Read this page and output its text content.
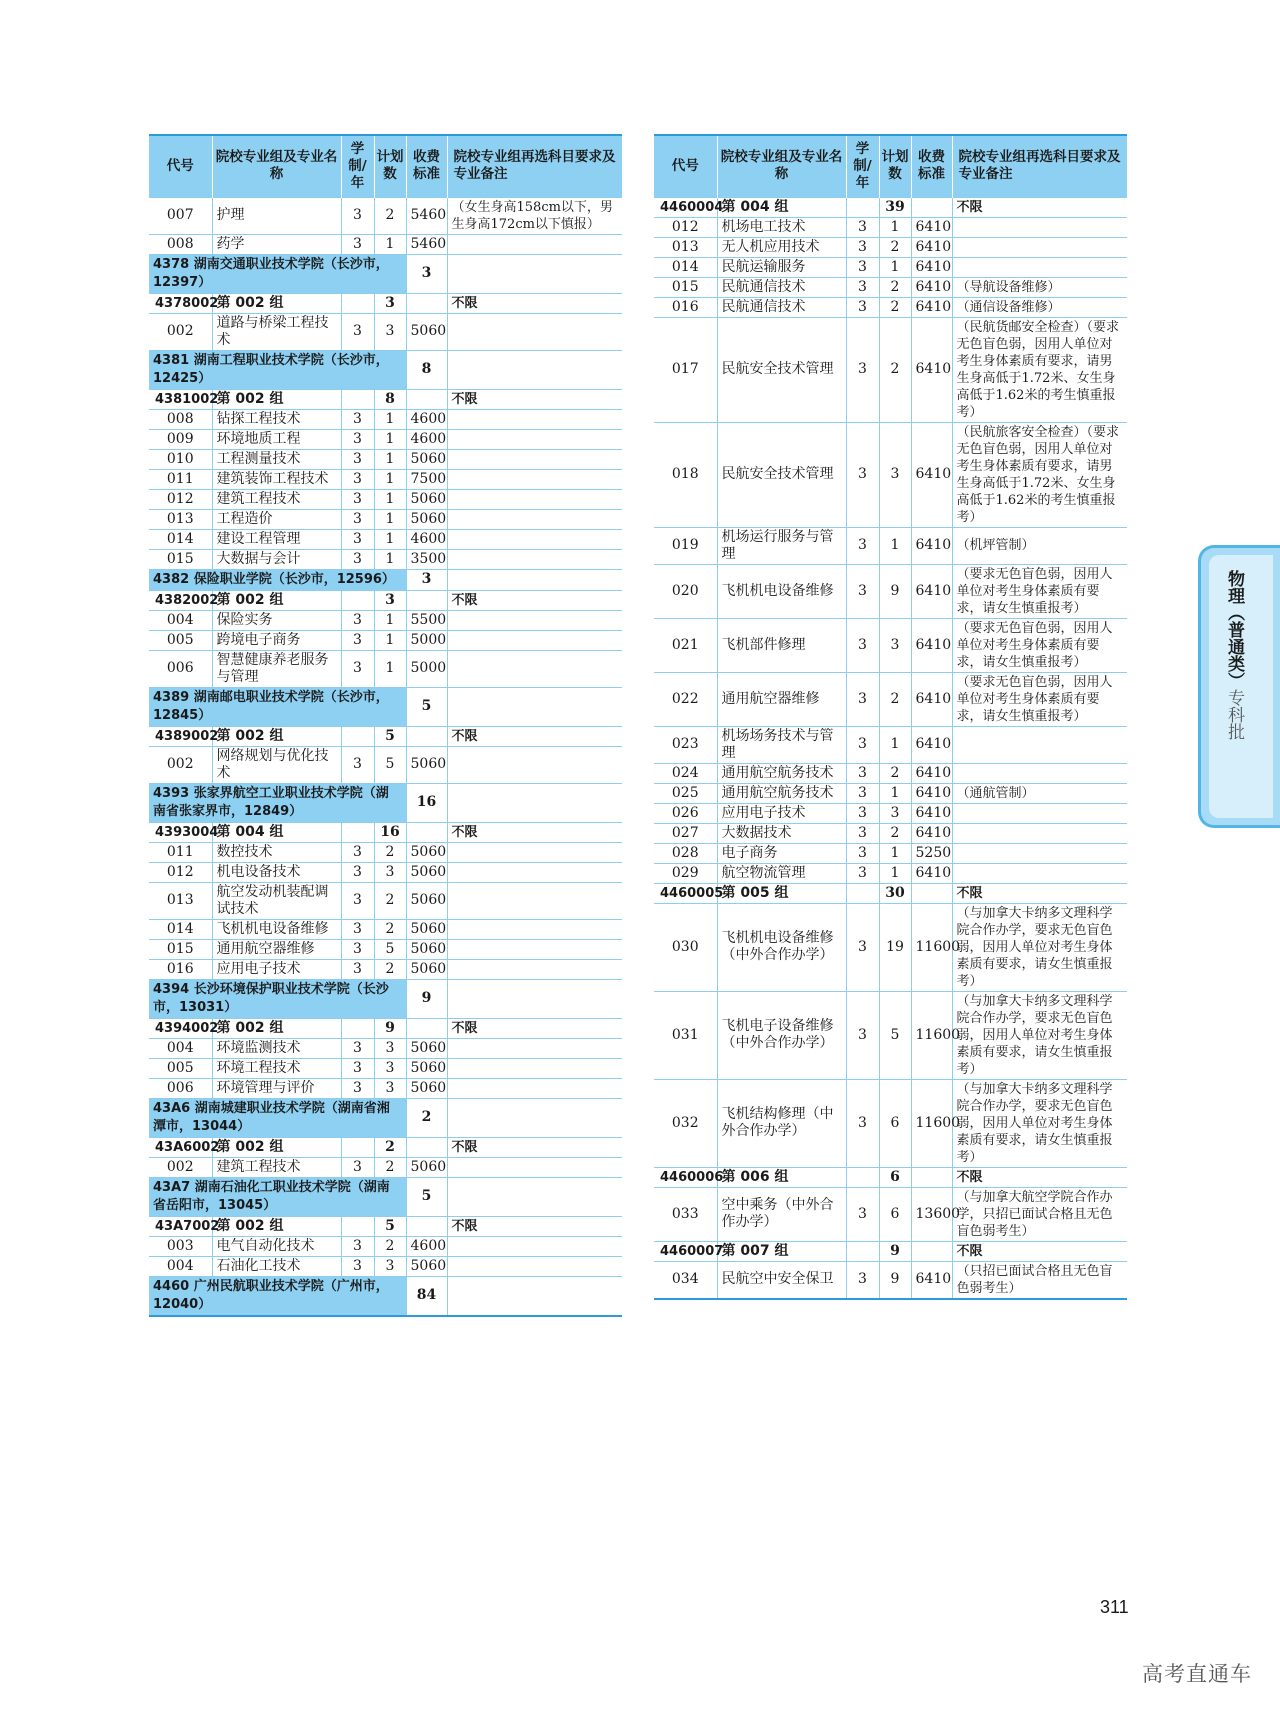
代号	院校专业组及专业名称	学制/年	计划数	收费标准	院校专业组再选科目要求及专业备注
007	护理	3	2	5460	（女生身高158cm以下，男生身高172cm以下慎报）
008	药学	3	1	5460	
4378 湖南交通职业技术学院（长沙市，12397）				3	
4378002	第 002 组		3		不限
002	道路与桥梁工程技术	3	3	5060	
4381 湖南工程职业技术学院（长沙市，12425）				8	
4381002	第 002 组		8		不限
008	钻探工程技术	3	1	4600	
009	环境地质工程	3	1	4600	
010	工程测量技术	3	1	5060	
011	建筑装饰工程技术	3	1	7500	
012	建筑工程技术	3	1	5060	
013	工程造价	3	1	5060	
014	建设工程管理	3	1	4600	
015	大数据与会计	3	1	3500	
4382 保险职业学院（长沙市，12596）				3	
4382002	第 002 组		3		不限
004	保险实务	3	1	5500	
005	跨境电子商务	3	1	5000	
006	智慧健康养老服务与管理	3	1	5000	
4389 湖南邮电职业技术学院（长沙市，12845）				5	
4389002	第 002 组		5		不限
002	网络规划与优化技术	3	5	5060	
4393 张家界航空工业职业技术学院（湖南省张家界市，12849）				16	
4393004	第 004 组		16		不限
011	数控技术	3	2	5060	
012	机电设备技术	3	3	5060	
013	航空发动机装配调试技术	3	2	5060	
014	飞机机电设备维修	3	2	5060	
015	通用航空器维修	3	5	5060	
016	应用电子技术	3	2	5060	
4394 长沙环境保护职业技术学院（长沙市，13031）				9	
4394002	第 002 组		9		不限
004	环境监测技术	3	3	5060	
005	环境工程技术	3	3	5060	
006	环境管理与评价	3	3	5060	
43A6 湖南城建职业技术学院（湖南省湘潭市，13044）				2	
43A6002	第 002 组		2		不限
002	建筑工程技术	3	2	5060	
43A7 湖南石油化工职业技术学院（湖南省岳阳市，13045）				5	
43A7002	第 002 组		5		不限
003	电气自动化技术	3	2	4600	
004	石油化工技术	3	3	5060	
4460 广州民航职业技术学院（广州市，12040）				84	
代号	院校专业组及专业名称	学制/年	计划数	收费标准	院校专业组再选科目要求及专业备注
4460004	第 004 组		39		不限
012	机场电工技术	3	1	6410	
013	无人机应用技术	3	2	6410	
014	民航运输服务	3	1	6410	
015	民航通信技术	3	2	6410	（导航设备维修）
016	民航通信技术	3	2	6410	（通信设备维修）
017	民航安全技术管理	3	2	6410	（民航货邮安全检查）（要求无色盲色弱，因用人单位对考生身体素质有要求，请男生身高低于1.72米、女生身高低于1.62米的考生慎重报考）
018	民航安全技术管理	3	3	6410	（民航旅客安全检查）（要求无色盲色弱，因用人单位对考生身体素质有要求，请男生身高低于1.72米、女生身高低于1.62米的考生慎重报考）
019	机场运行服务与管理	3	1	6410	（机坪管制）
020	飞机机电设备维修	3	9	6410	（要求无色盲色弱，因用人单位对考生身体素质有要求，请女生慎重报考）
021	飞机部件修理	3	3	6410	（要求无色盲色弱，因用人单位对考生身体素质有要求，请女生慎重报考）
022	通用航空器维修	3	2	6410	（要求无色盲色弱，因用人单位对考生身体素质有要求，请女生慎重报考）
023	机场场务技术与管理	3	1	6410	
024	通用航空航务技术	3	2	6410	
025	通用航空航务技术	3	1	6410	（通航管制）
026	应用电子技术	3	3	6410	
027	大数据技术	3	2	6410	
028	电子商务	3	1	5250	
029	航空物流管理	3	1	6410	
4460005	第 005 组		30		不限
030	飞机机电设备维修（中外合作办学）	3	19	11600	（与加拿大卡纳多文理科学院合作办学，要求无色盲色弱，因用人单位对考生身体素质有要求，请女生慎重报考）
031	飞机电子设备维修（中外合作办学）	3	5	11600	（与加拿大卡纳多文理科学院合作办学，要求无色盲色弱，因用人单位对考生身体素质有要求，请女生慎重报考）
032	飞机结构修理（中外合作办学）	3	6	11600	（与加拿大卡纳多文理科学院合作办学，要求无色盲色弱，因用人单位对考生身体素质有要求，请女生慎重报考）
4460006	第 006 组		6		不限
033	空中乘务（中外合作办学）	3	6	13600	（与加拿大航空学院合作办学，只招已面试合格且无色盲色弱考生）
4460007	第 007 组		9		不限
034	民航空中安全保卫	3	9	6410	（只招已面试合格且无色盲色弱考生）
物理（普通类）专科批
311
高考直通车
